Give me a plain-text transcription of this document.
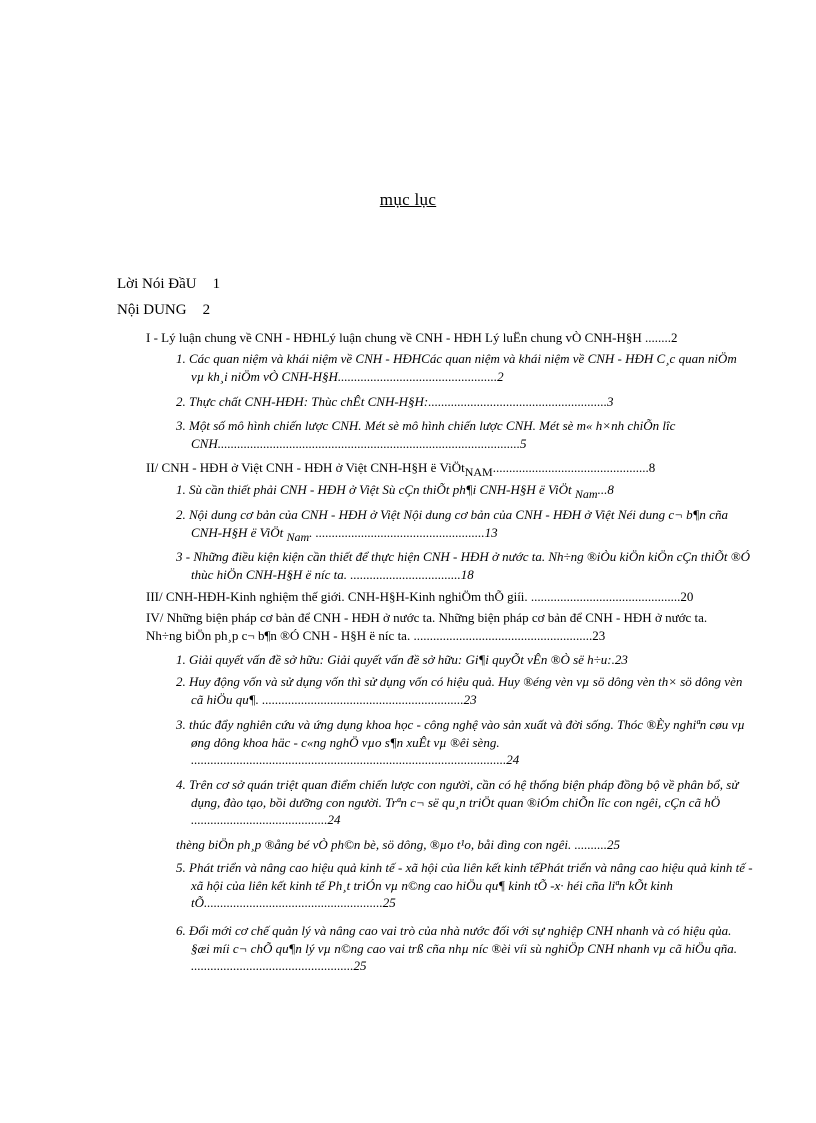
mục lục
Lời Nói ĐầU 1
Nội DUNG 2
I - Lý luận chung về CNH - HĐHLý luận chung về CNH - HĐH Lý luËn chung vÒ CNH-H§H ........2
1. Các quan niệm và khái niệm về CNH - HĐHCác quan niệm và khái niệm về CNH - HĐH C¸c quan niÖm vµ kh¸i niÖm vÒ CNH-H§H.................................................2
2. Thực chất CNH-HĐH: Thùc chÊt CNH-H§H:.......................................................3
3. Một số mô hình chiến lược CNH. Mét sè mô hình chiến lược CNH. Mét sè m« h×nh chiÕn lîc CNH.............................................................................................5
II/ CNH - HĐH ở Việt CNH - HĐH ở Việt CNH-H§H ë ViÖtNAM................................................8
1. Sù cần thiết phải CNH - HĐH ở Việt Sù cÇn thiÕt ph¶i CNH-H§H ë ViÖt Nam...8
2. Nội dung cơ bản của CNH - HĐH ở Việt Nội dung cơ bản của CNH - HĐH ở Việt Néi dung c¬ b¶n cña CNH-H§H ë ViÖt Nam. ....................................................13
3 - Những điều kiện kiện cần thiết để thực hiện CNH - HĐH ở nước ta. Nh÷ng ®iÒu kiÖn kiÖn cÇn thiÕt ®Ó thùc hiÖn CNH-H§H ë níc ta. ..................................18
III/ CNH-HĐH-Kinh nghiệm thế giới. CNH-H§H-Kinh nghiÖm thÕ giíi. ..............................................20
IV/ Những biện pháp cơ bản để CNH - HĐH ở nước ta. Những biện pháp cơ bản để CNH - HĐH ở nước ta. Nh÷ng biÖn ph¸p c¬ b¶n ®Ó CNH - H§H ë níc ta. .......................................................23
1. Giải quyết vấn đề sở hữu: Giải quyết vấn đề sở hữu: Gi¶i quyÕt vÊn ®Ò së h÷u:.23
2. Huy động vốn và sử dụng vốn thì sử dụng vốn có hiệu quả. Huy ®éng vèn vµ sö dông vèn th× sö dông vèn cã hiÖu qu¶. ..............................................................23
3. thúc đẩy nghiên cứu và ứng dụng khoa học - công nghệ vào sản xuất và đời sống. Thóc ®Èy nghiªn cøu vµ øng dông khoa häc - c«ng nghÖ vµo s¶n xuÊt vµ ®êi sèng. .................................................................................................24
4. Trên cơ sở quán triệt quan điểm chiến lược con người, cần có hệ thống biện pháp đồng bộ về phân bổ, sử dụng, đào tạo, bồi dưỡng con người. Trªn c¬ së qu¸n triÖt quan ®iÓm chiÕn lîc con ngêi, cÇn cã hÖ ..........................................24
thèng biÖn ph¸p ®ång bé vÒ ph©n bè, sö dông, ®µo t¹o, båi dìng con ngêi. ..........25
5. Phát triển và nâng cao hiệu quả kinh tế - xã hội của liên kết kinh tếPhát triển và nâng cao hiệu quả kinh tế - xã hội của liên kết kinh tế Ph¸t triÓn vµ n©ng cao hiÖu qu¶ kinh tÕ -x· héi cña liªn kÕt kinh tÕ.......................................................25
6. Đổi mới cơ chế quản lý và nâng cao vai trò của nhà nước đối với sự nghiệp CNH nhanh và có hiệu qủa. §æi míi c¬ chÕ qu¶n lý vµ n©ng cao vai trß cña nhµ níc ®èi víi sù nghiÖp CNH nhanh vµ cã hiÖu qña. ..................................................25
